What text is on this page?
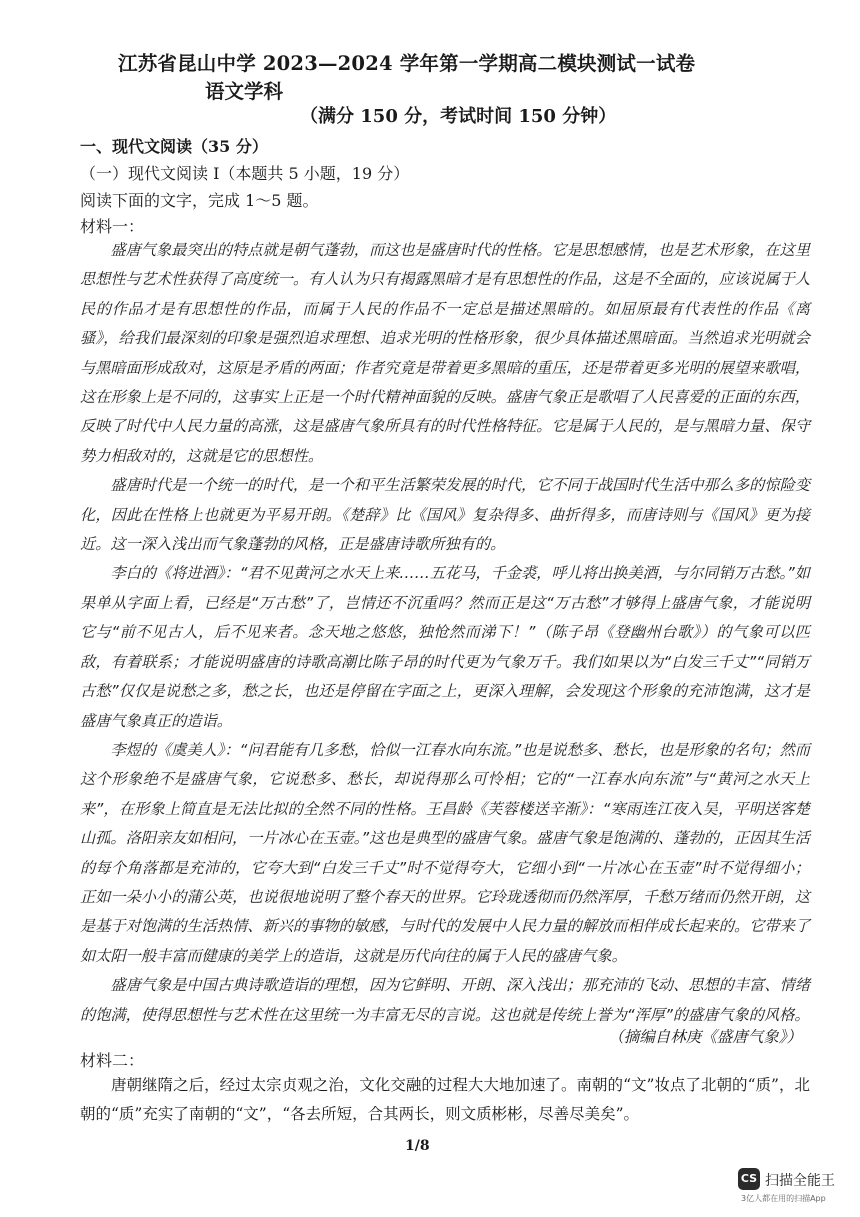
江苏省昆山中学 2023—2024 学年第一学期高二模块测试一试卷
语文学科
（满分 150 分，考试时间 150 分钟）
一、现代文阅读（35 分）
（一）现代文阅读 I（本题共 5 小题，19 分）
阅读下面的文字，完成 1～5 题。
材料一：

盛唐气象最突出的特点就是朝气蓬勃，而这也是盛唐时代的性格。它是思想感情，也是艺术形象，在这里思想性与艺术性获得了高度统一。有人认为只有揭露黑暗才是有思想性的作品，这是不全面的，应该说属于人民的作品才是有思想性的作品，而属于人民的作品不一定总是描述黑暗的。如屈原最有代表性的作品《离骚》，给我们最深刻的印象是强烈追求理想、追求光明的性格形象，很少具体描述黑暗面。当然追求光明就会与黑暗面形成敌对，这原是矛盾的两面；作者究竟是带着更多黑暗的重压，还是带着更多光明的展望来歌唱，这在形象上是不同的，这事实上正是一个时代精神面貌的反映。盛唐气象正是歌唱了人民喜爱的正面的东西，反映了时代中人民力量的高涨，这是盛唐气象所具有的时代性格特征。它是属于人民的，是与黑暗力量、保守势力相敌对的，这就是它的思想性。

盛唐时代是一个统一的时代，是一个和平生活繁荣发展的时代，它不同于战国时代生活中那么多的惊险变化，因此在性格上也就更为平易开朗。《楚辞》比《国风》复杂得多、曲折得多，而唐诗则与《国风》更为接近。这一深入浅出而气象蓬勃的风格，正是盛唐诗歌所独有的。

李白的《将进酒》：“君不见黄河之水天上来……五花马，千金裘，呼儿将出换美酒，与尔同销万古愁。”如果单从字面上看，已经是“万古愁”了，岂情还不沉重吗？然而正是这“万古愁”才够得上盛唐气象，才能说明它与“前不见古人，后不见来者。念天地之悠悠，独怆然而涕下！”（陈子昂《登幽州台歌》）的气象可以匹敌，有着联系；才能说明盛唐的诗歌高潮比陈子昂的时代更为气象万千。我们如果以为“白发三千丈”“同销万古愁”仅仅是说愁之多，愁之长，也还是停留在字面之上，更深入理解，会发现这个形象的充沛饱满，这才是盛唐气象真正的造诣。

李煜的《虞美人》：“问君能有几多愁，恰似一江春水向东流。”也是说愁多、愁长，也是形象的名句；然而这个形象绝不是盛唐气象，它说愁多、愁长，却说得那么可怜相；它的“一江春水向东流”与“黄河之水天上来”，在形象上简直是无法比拟的全然不同的性格。王昌龄《芙蓉楼送辛渐》：“寒雨连江夜入吴，平明送客楚山孤。洛阳亲友如相问，一片冰心在玉壶。”这也是典型的盛唐气象。盛唐气象是饱满的、蓬勃的，正因其生活的每个角落都是充沛的，它夸大到“白发三千丈”时不觉得夸大，它细小到“一片冰心在玉壶”时不觉得细小；正如一朵小小的蒲公英，也说很地说明了整个春天的世界。它玲珑透彻而仍然浑厚，千愁万绪而仍然开朗，这是基于对饱满的生活热情、新兴的事物的敏感，与时代的发展中人民力量的解放而相伴成长起来的。它带来了如太阳一般丰富而健康的美学上的造诣，这就是历代向往的属于人民的盛唐气象。

盛唐气象是中国古典诗歌造诣的理想，因为它鲜明、开朗、深入浅出；那充沛的飞动、思想的丰富、情绪的饱满，使得思想性与艺术性在这里统一为丰富无尽的言说。这也就是传统上誉为“浑厚”的盛唐气象的风格。

（摘编自林庚《盛唐气象》）
材料二：

唐朝继隋之后，经过太宗贞观之治，文化交融的过程大大地加速了。南朝的“文”妆点了北朝的“质”，北朝的“质”充实了南朝的“文”，“各去所短，合其两长，则文质彬彬，尽善尽美矣”。

1/8
CS 扫描全能王
3亿人都在用的扫描App
